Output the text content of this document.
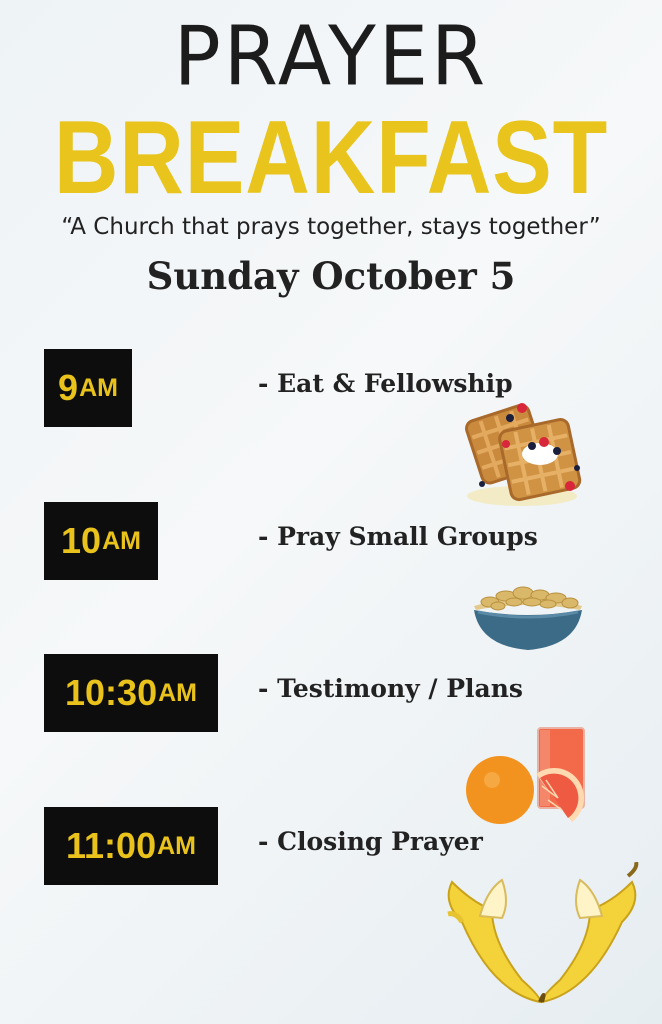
PRAYER
BREAKFAST
“A Church that prays together, stays together”
Sunday October 5
9 AM	- Eat & Fellowship
10 AM	- Pray Small Groups
10:30 AM - Testimony / Plans
11:00 AM - Closing Prayer
